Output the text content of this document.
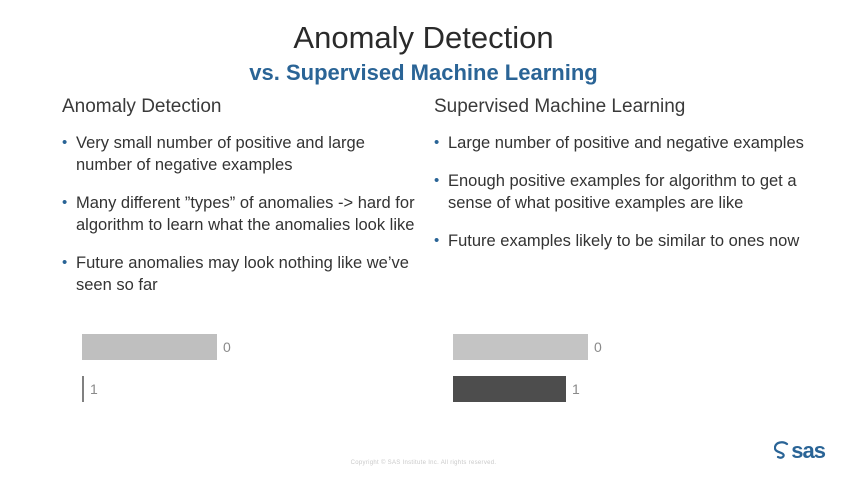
Anomaly Detection
vs. Supervised Machine Learning
Anomaly Detection
• Very small number of positive and large number of negative examples
• Many different ”types” of anomalies -> hard for algorithm to learn what the anomalies look like
• Future anomalies may look nothing like we’ve seen so far
Supervised Machine Learning
• Large number of positive and negative examples
• Enough positive examples for algorithm to get a sense of what positive examples are like
• Future examples likely to be similar to ones now
0
1
0
1
Copyright © SAS Institute Inc. All rights reserved.	sas
